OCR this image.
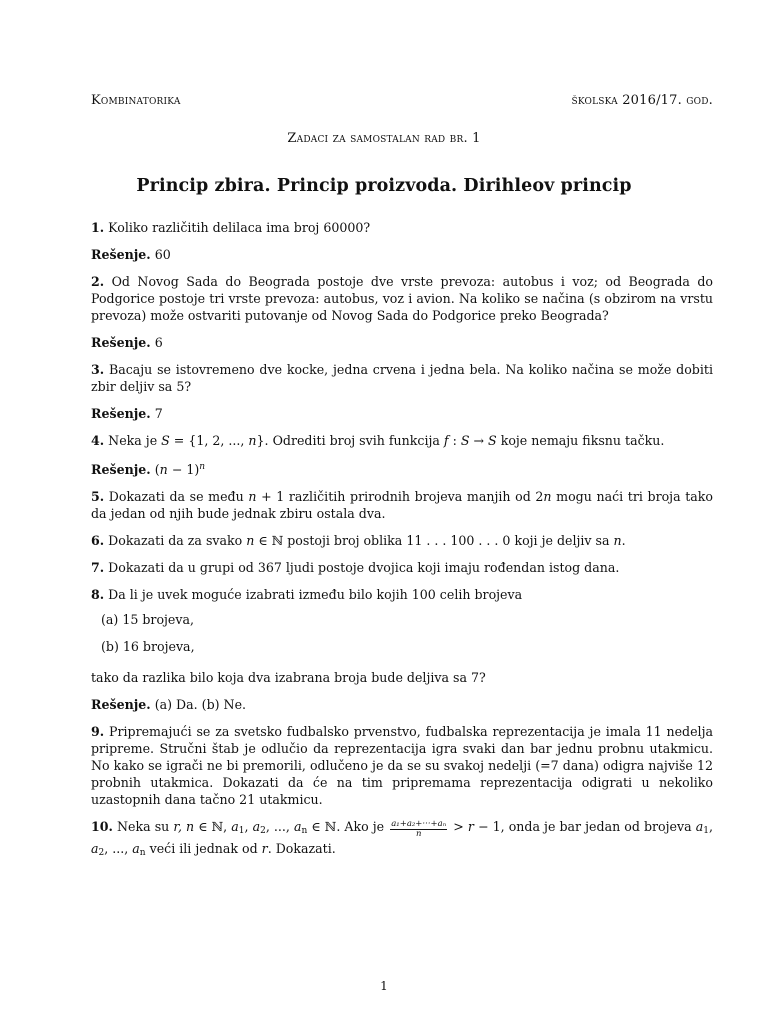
Kombinatorika	školska 2016/17. god.
Zadaci za samostalan rad br. 1
Princip zbira. Princip proizvoda. Dirihleov princip

1. Koliko različitih delilaca ima broj 60000?

Rešenje. 60

2. Od Novog Sada do Beograda postoje dve vrste prevoza: autobus i voz; od Beograda do Podgorice postoje tri vrste prevoza: autobus, voz i avion. Na koliko se načina (s obzirom na vrstu prevoza) može ostvariti putovanje od Novog Sada do Podgorice preko Beograda?

Rešenje. 6

3. Bacaju se istovremeno dve kocke, jedna crvena i jedna bela. Na koliko načina se može dobiti zbir deljiv sa 5?

Rešenje. 7

4. Neka je S = {1, 2, ..., n}. Odrediti broj svih funkcija f : S → S koje nemaju fiksnu tačku.

Rešenje. $(n - 1)^n$

5. Dokazati da se među n + 1 različitih prirodnih brojeva manjih od 2n mogu naći tri broja tako da jedan od njih bude jednak zbiru ostala dva.

6. Dokazati da za svako n ∈ ℕ postoji broj oblika 11 . . . 100 . . . 0 koji je deljiv sa n.

7. Dokazati da u grupi od 367 ljudi postoje dvojica koji imaju rođendan istog dana.

8. Da li je uvek moguće izabrati između bilo kojih 100 celih brojeva

(a) 15 brojeva,
(b) 16 brojeva,

tako da razlika bilo koja dva izabrana broja bude deljiva sa 7?

Rešenje. (a) Da. (b) Ne.

9. Pripremajući se za svetsko fudbalsko prvenstvo, fudbalska reprezentacija je imala 11 nedelja pripreme. Stručni štab je odlučio da reprezentacija igra svaki dan bar jednu probnu utakmicu. No kako se igrači ne bi premorili, odlučeno je da se su svakoj nedelji (=7 dana) odigra najviše 12 probnih utakmica. Dokazati da će na tim pripremama reprezentacija odigrati u nekoliko uzastopnih dana tačno 21 utakmicu.

10. Neka su r, n ∈ ℕ, $a_1$, $a_2$, ..., $a_n$ ∈ ℕ. Ako je $\frac{\text{a₁+a₂+···+aₙ}}{n} > r - 1$, onda je bar jedan od brojeva $a_1$, $a_2$, ..., $a_n$ veći ili jednak od r. Dokazati.

1
